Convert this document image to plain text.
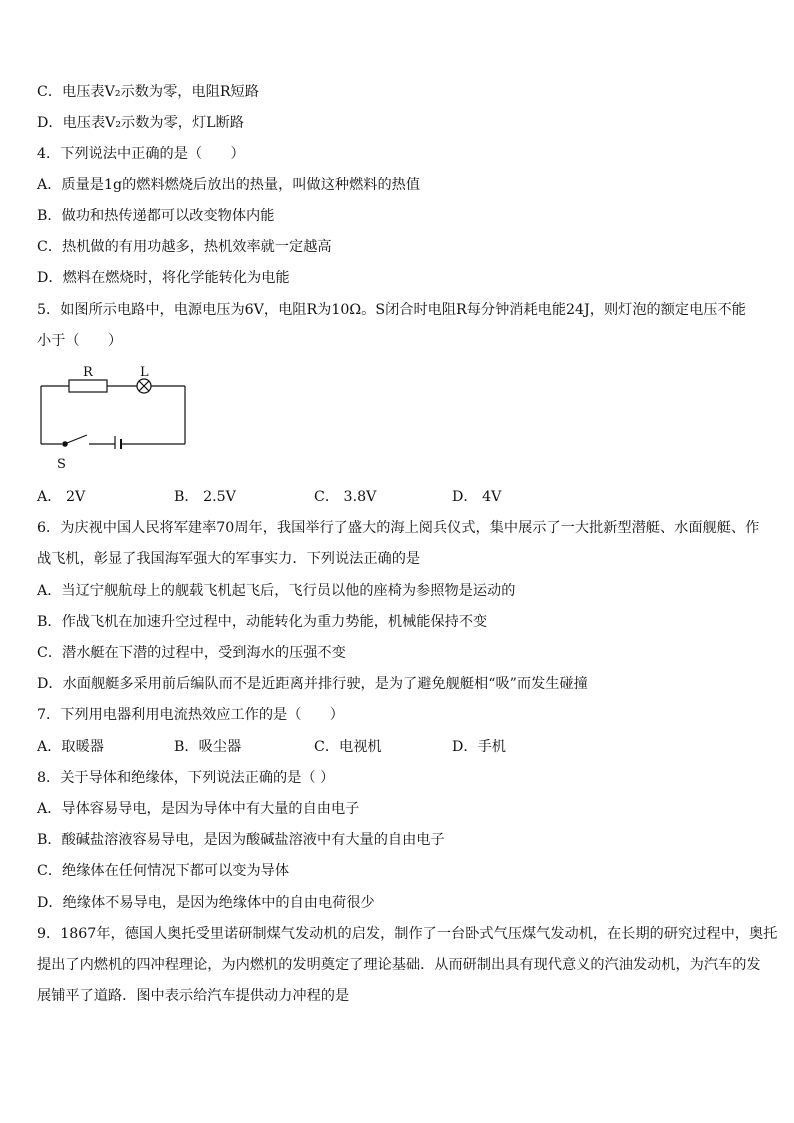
C．电压表V₂示数为零，电阻R短路
D．电压表V₂示数为零，灯L断路
4．下列说法中正确的是（　　）
A．质量是1g的燃料燃烧后放出的热量，叫做这种燃料的热值
B．做功和热传递都可以改变物体内能
C．热机做的有用功越多，热机效率就一定越高
D．燃料在燃烧时，将化学能转化为电能
5．如图所示电路中，电源电压为6V，电阻R为10Ω。S闭合时电阻R每分钟消耗电能24J，则灯泡的额定电压不能
小于（　　）
R	L
S
A． 2V	B． 2.5V	C． 3.8V	D． 4V
6．为庆视中国人民将军建率70周年，我国举行了盛大的海上阅兵仪式，集中展示了一大批新型潜艇、水面舰艇、作
战飞机，彰显了我国海军强大的军事实力．下列说法正确的是
A．当辽宁舰航母上的舰载飞机起飞后，飞行员以他的座椅为参照物是运动的
B．作战飞机在加速升空过程中，动能转化为重力势能，机械能保持不变
C．潜水艇在下潜的过程中，受到海水的压强不变
D．水面舰艇多采用前后编队而不是近距离并排行驶，是为了避免舰艇相“吸”而发生碰撞
7．下列用电器利用电流热效应工作的是（　　）
A．取暖器	B．吸尘器	C．电视机	D．手机
8．关于导体和绝缘体，下列说法正确的是（ ）
A．导体容易导电，是因为导体中有大量的自由电子
B．酸碱盐溶液容易导电，是因为酸碱盐溶液中有大量的自由电子
C．绝缘体在任何情况下都可以变为导体
D．绝缘体不易导电，是因为绝缘体中的自由电荷很少
9．1867年，德国人奥托受里诺研制煤气发动机的启发，制作了一台卧式气压煤气发动机，在长期的研究过程中，奥托
提出了内燃机的四冲程理论，为内燃机的发明奠定了理论基础．从而研制出具有现代意义的汽油发动机，为汽车的发
展铺平了道路．图中表示给汽车提供动力冲程的是
